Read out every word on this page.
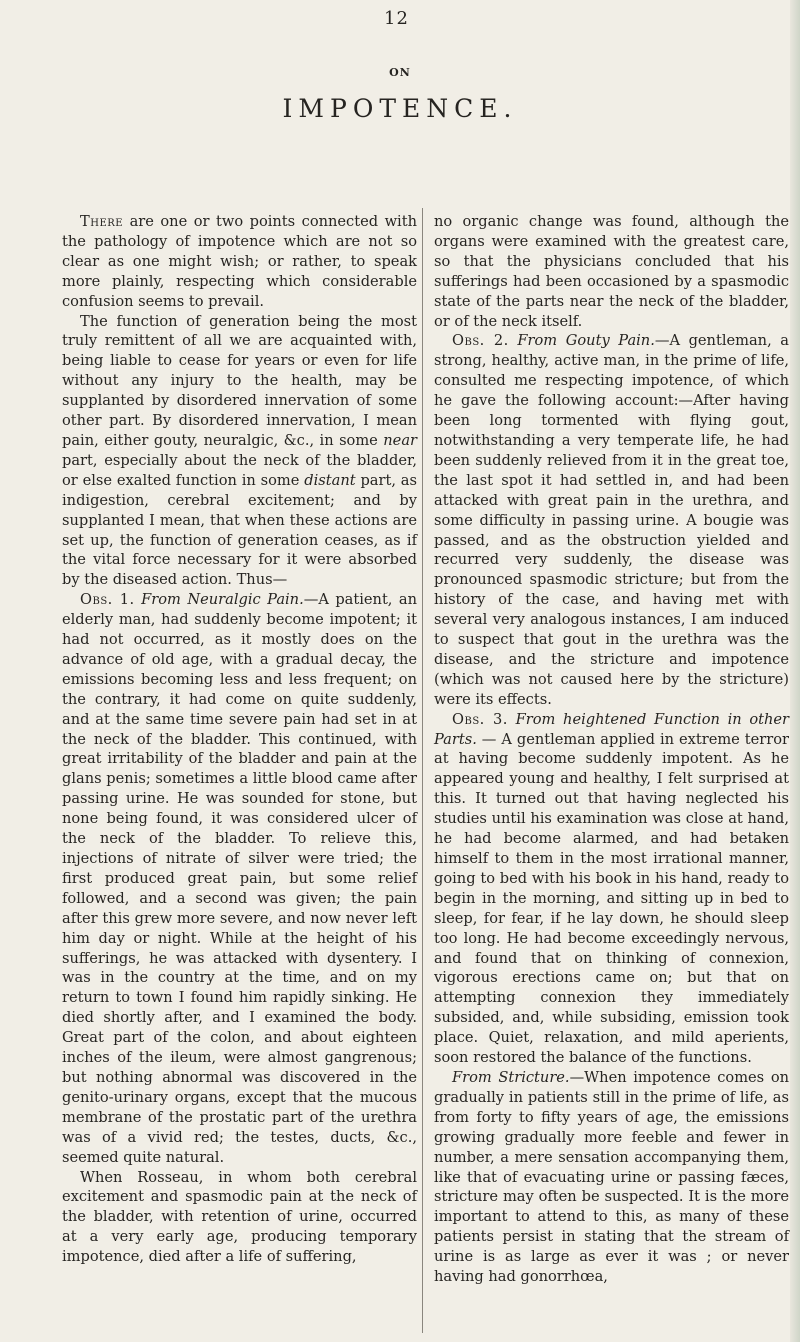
12
ON
IMPOTENCE.

There are one or two points connected with the pathology of impotence which are not so clear as one might wish; or rather, to speak more plainly, respecting which considerable confusion seems to prevail.

The function of generation being the most truly remittent of all we are acquainted with, being liable to cease for years or even for life without any injury to the health, may be supplanted by disordered innervation of some other part. By disordered innervation, I mean pain, either gouty, neuralgic, &c., in some near part, especially about the neck of the bladder, or else exalted function in some distant part, as indigestion, cerebral excitement; and by supplanted I mean, that when these actions are set up, the function of generation ceases, as if the vital force necessary for it were absorbed by the diseased action. Thus—

Obs. 1. From Neuralgic Pain.—A patient, an elderly man, had suddenly become impotent; it had not occurred, as it mostly does on the advance of old age, with a gradual decay, the emissions becoming less and less frequent; on the contrary, it had come on quite suddenly, and at the same time severe pain had set in at the neck of the bladder. This continued, with great irritability of the bladder and pain at the glans penis; sometimes a little blood came after passing urine. He was sounded for stone, but none being found, it was considered ulcer of the neck of the bladder. To relieve this, injections of nitrate of silver were tried; the first produced great pain, but some relief followed, and a second was given; the pain after this grew more severe, and now never left him day or night. While at the height of his sufferings, he was attacked with dysentery. I was in the country at the time, and on my return to town I found him rapidly sinking. He died shortly after, and I examined the body. Great part of the colon, and about eighteen inches of the ileum, were almost gangrenous; but nothing abnormal was discovered in the genito-urinary organs, except that the mucous membrane of the prostatic part of the urethra was of a vivid red; the testes, ducts, &c., seemed quite natural.

When Rosseau, in whom both cerebral excitement and spasmodic pain at the neck of the bladder, with retention of urine, occurred at a very early age, producing temporary impotence, died after a life of suffering,

no organic change was found, although the organs were examined with the greatest care, so that the physicians concluded that his sufferings had been occasioned by a spasmodic state of the parts near the neck of the bladder, or of the neck itself.

Obs. 2. From Gouty Pain.—A gentleman, a strong, healthy, active man, in the prime of life, consulted me respecting impotence, of which he gave the following account:—After having been long tormented with flying gout, notwithstanding a very temperate life, he had been suddenly relieved from it in the great toe, the last spot it had settled in, and had been attacked with great pain in the urethra, and some difficulty in passing urine. A bougie was passed, and as the obstruction yielded and recurred very suddenly, the disease was pronounced spasmodic stricture; but from the history of the case, and having met with several very analogous instances, I am induced to suspect that gout in the urethra was the disease, and the stricture and impotence (which was not caused here by the stricture) were its effects.

Obs. 3. From heightened Function in other Parts. — A gentleman applied in extreme terror at having become suddenly impotent. As he appeared young and healthy, I felt surprised at this. It turned out that having neglected his studies until his examination was close at hand, he had become alarmed, and had betaken himself to them in the most irrational manner, going to bed with his book in his hand, ready to begin in the morning, and sitting up in bed to sleep, for fear, if he lay down, he should sleep too long. He had become exceedingly nervous, and found that on thinking of connexion, vigorous erections came on; but that on attempting connexion they immediately subsided, and, while subsiding, emission took place. Quiet, relaxation, and mild aperients, soon restored the balance of the functions.

From Stricture.—When impotence comes on gradually in patients still in the prime of life, as from forty to fifty years of age, the emissions growing gradually more feeble and fewer in number, a mere sensation accompanying them, like that of evacuating urine or passing fæces, stricture may often be suspected. It is the more important to attend to this, as many of these patients persist in stating that the stream of urine is as large as ever it was ; or never having had gonorrhœa,
